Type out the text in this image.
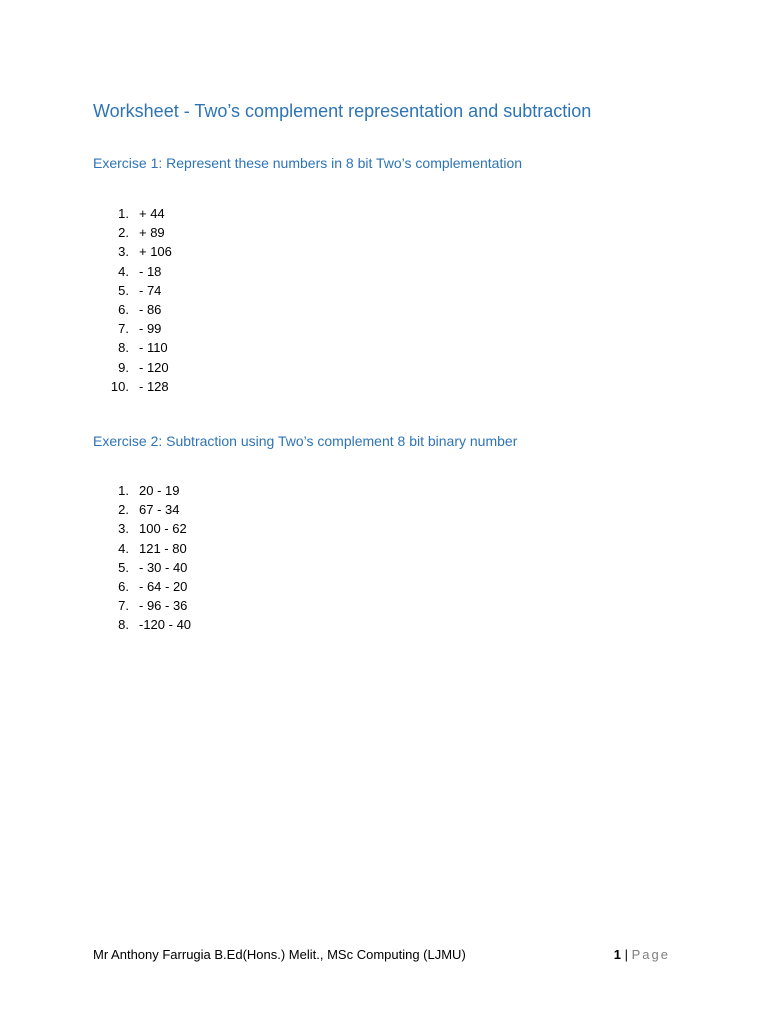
Worksheet - Two’s complement representation and subtraction
Exercise 1: Represent these numbers in 8 bit Two’s complementation
1. + 44
2. + 89
3. + 106
4. - 18
5. - 74
6. - 86
7. - 99
8. - 110
9. - 120
10. - 128
Exercise 2: Subtraction using Two’s complement 8 bit binary number
1. 20 - 19
2. 67 - 34
3. 100 - 62
4. 121 - 80
5. - 30 - 40
6. - 64 - 20
7. - 96 - 36
8. -120 - 40
Mr Anthony Farrugia B.Ed(Hons.) Melit., MSc Computing (LJMU)	1 | Page
